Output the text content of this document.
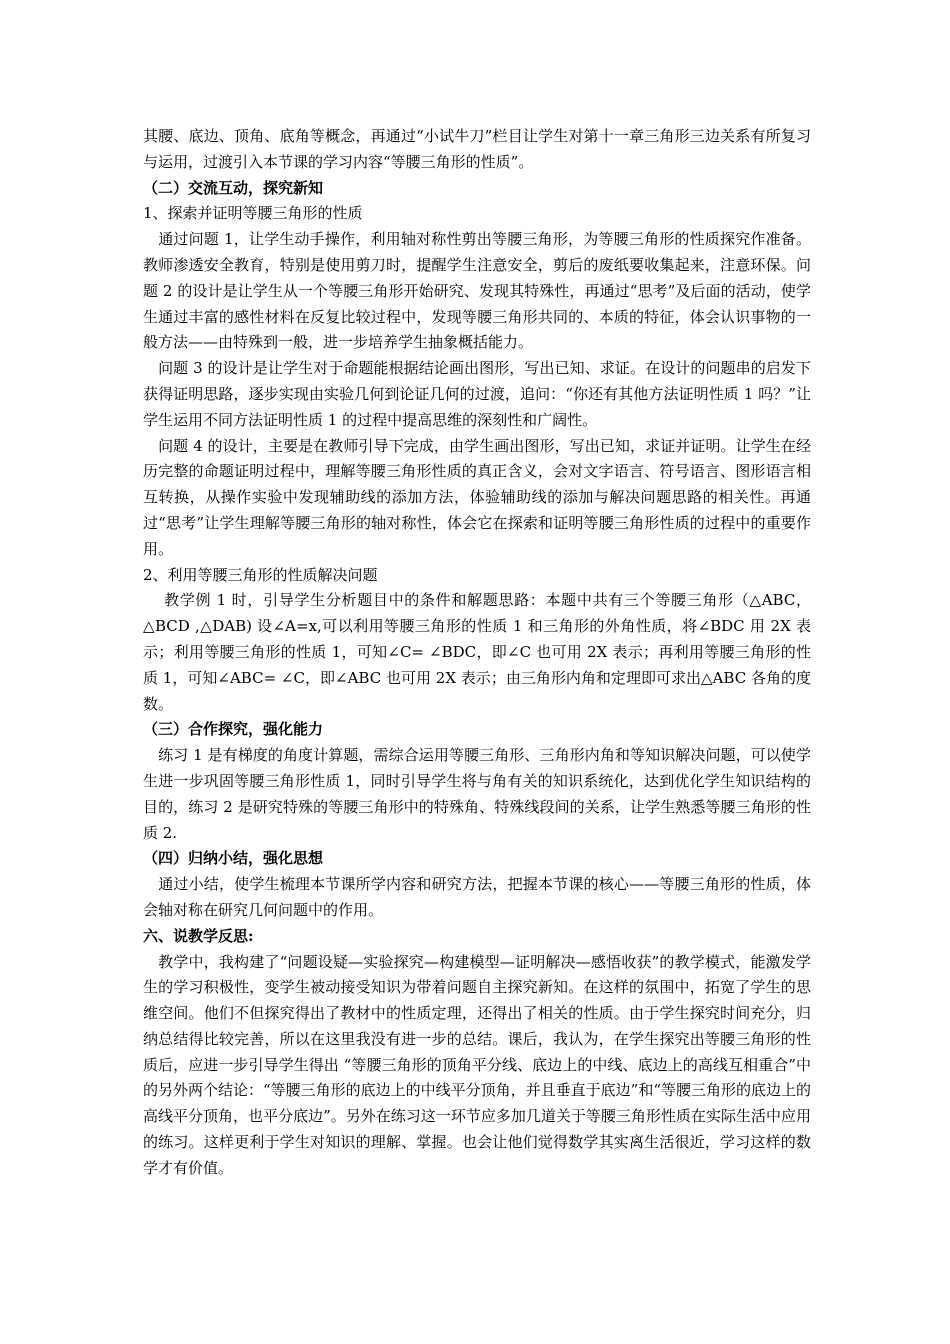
其腰、底边、顶角、底角等概念，再通过“小试牛刀”栏目让学生对第十一章三角形三边关系有所复习与运用，过渡引入本节课的学习内容“等腰三角形的性质”。

（二）交流互动，探究新知

1、探索并证明等腰三角形的性质

　通过问题 1，让学生动手操作，利用轴对称性剪出等腰三角形，为等腰三角形的性质探究作准备。教师渗透安全教育，特别是使用剪刀时，提醒学生注意安全，剪后的废纸要收集起来，注意环保。问题 2 的设计是让学生从一个等腰三角形开始研究、发现其特殊性，再通过“思考”及后面的活动，使学生通过丰富的感性材料在反复比较过程中，发现等腰三角形共同的、本质的特征，体会认识事物的一般方法——由特殊到一般，进一步培养学生抽象概括能力。

　问题 3 的设计是让学生对于命题能根据结论画出图形，写出已知、求证。在设计的问题串的启发下获得证明思路，逐步实现由实验几何到论证几何的过渡，追问：“你还有其他方法证明性质 1 吗？”让学生运用不同方法证明性质 1 的过程中提高思维的深刻性和广阔性。

　问题 4 的设计，主要是在教师引导下完成，由学生画出图形，写出已知，求证并证明。让学生在经历完整的命题证明过程中，理解等腰三角形性质的真正含义，会对文字语言、符号语言、图形语言相互转换，从操作实验中发现辅助线的添加方法，体验辅助线的添加与解决问题思路的相关性。再通过“思考”让学生理解等腰三角形的轴对称性，体会它在探索和证明等腰三角形性质的过程中的重要作用。

2、利用等腰三角形的性质解决问题

　 教学例 1 时，引导学生分析题目中的条件和解题思路：本题中共有三个等腰三角形（△ABC，△BCD ,△DAB) 设∠A=x,可以利用等腰三角形的性质 1 和三角形的外角性质，将∠BDC 用 2X 表示；利用等腰三角形的性质 1，可知∠C= ∠BDC，即∠C 也可用 2X 表示；再利用等腰三角形的性质 1，可知∠ABC= ∠C，即∠ABC 也可用 2X 表示；由三角形内角和定理即可求出△ABC 各角的度数。

（三）合作探究，强化能力

　练习 1 是有梯度的角度计算题，需综合运用等腰三角形、三角形内角和等知识解决问题，可以使学生进一步巩固等腰三角形性质 1，同时引导学生将与角有关的知识系统化，达到优化学生知识结构的目的，练习 2 是研究特殊的等腰三角形中的特殊角、特殊线段间的关系，让学生熟悉等腰三角形的性质 2.

（四）归纳小结，强化思想

　通过小结，使学生梳理本节课所学内容和研究方法，把握本节课的核心——等腰三角形的性质，体会轴对称在研究几何问题中的作用。

六、说教学反思:

　教学中，我构建了“问题设疑—实验探究—构建模型—证明解决—感悟收获”的教学模式，能激发学生的学习积极性，变学生被动接受知识为带着问题自主探究新知。在这样的氛围中，拓宽了学生的思维空间。他们不但探究得出了教材中的性质定理，还得出了相关的性质。由于学生探究时间充分，归纳总结得比较完善，所以在这里我没有进一步的总结。课后，我认为，在学生探究出等腰三角形的性质后，应进一步引导学生得出 “等腰三角形的顶角平分线、底边上的中线、底边上的高线互相重合”中的另外两个结论：“等腰三角形的底边上的中线平分顶角，并且垂直于底边”和“等腰三角形的底边上的高线平分顶角，也平分底边”。另外在练习这一环节应多加几道关于等腰三角形性质在实际生活中应用的练习。这样更利于学生对知识的理解、掌握。也会让他们觉得数学其实离生活很近，学习这样的数学才有价值。
